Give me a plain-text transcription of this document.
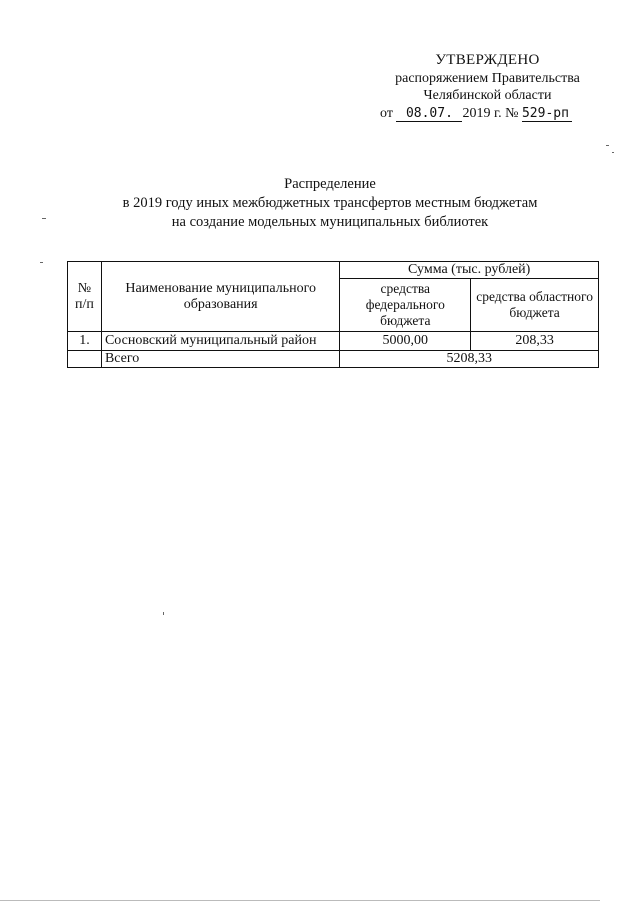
УТВЕРЖДЕНО
распоряжением Правительства
Челябинской области
от 08.07. 2019 г. № 529-рп
Распределение
в 2019 году иных межбюджетных трансфертов местным бюджетам
на создание модельных муниципальных библиотек
№ п/п	Наименование муниципального образования	Сумма (тыс. рублей)	
		средства федерального бюджета	средства областного бюджета
1.	Сосновский муниципальный район	5000,00	208,33
	Всего	5208,33	
